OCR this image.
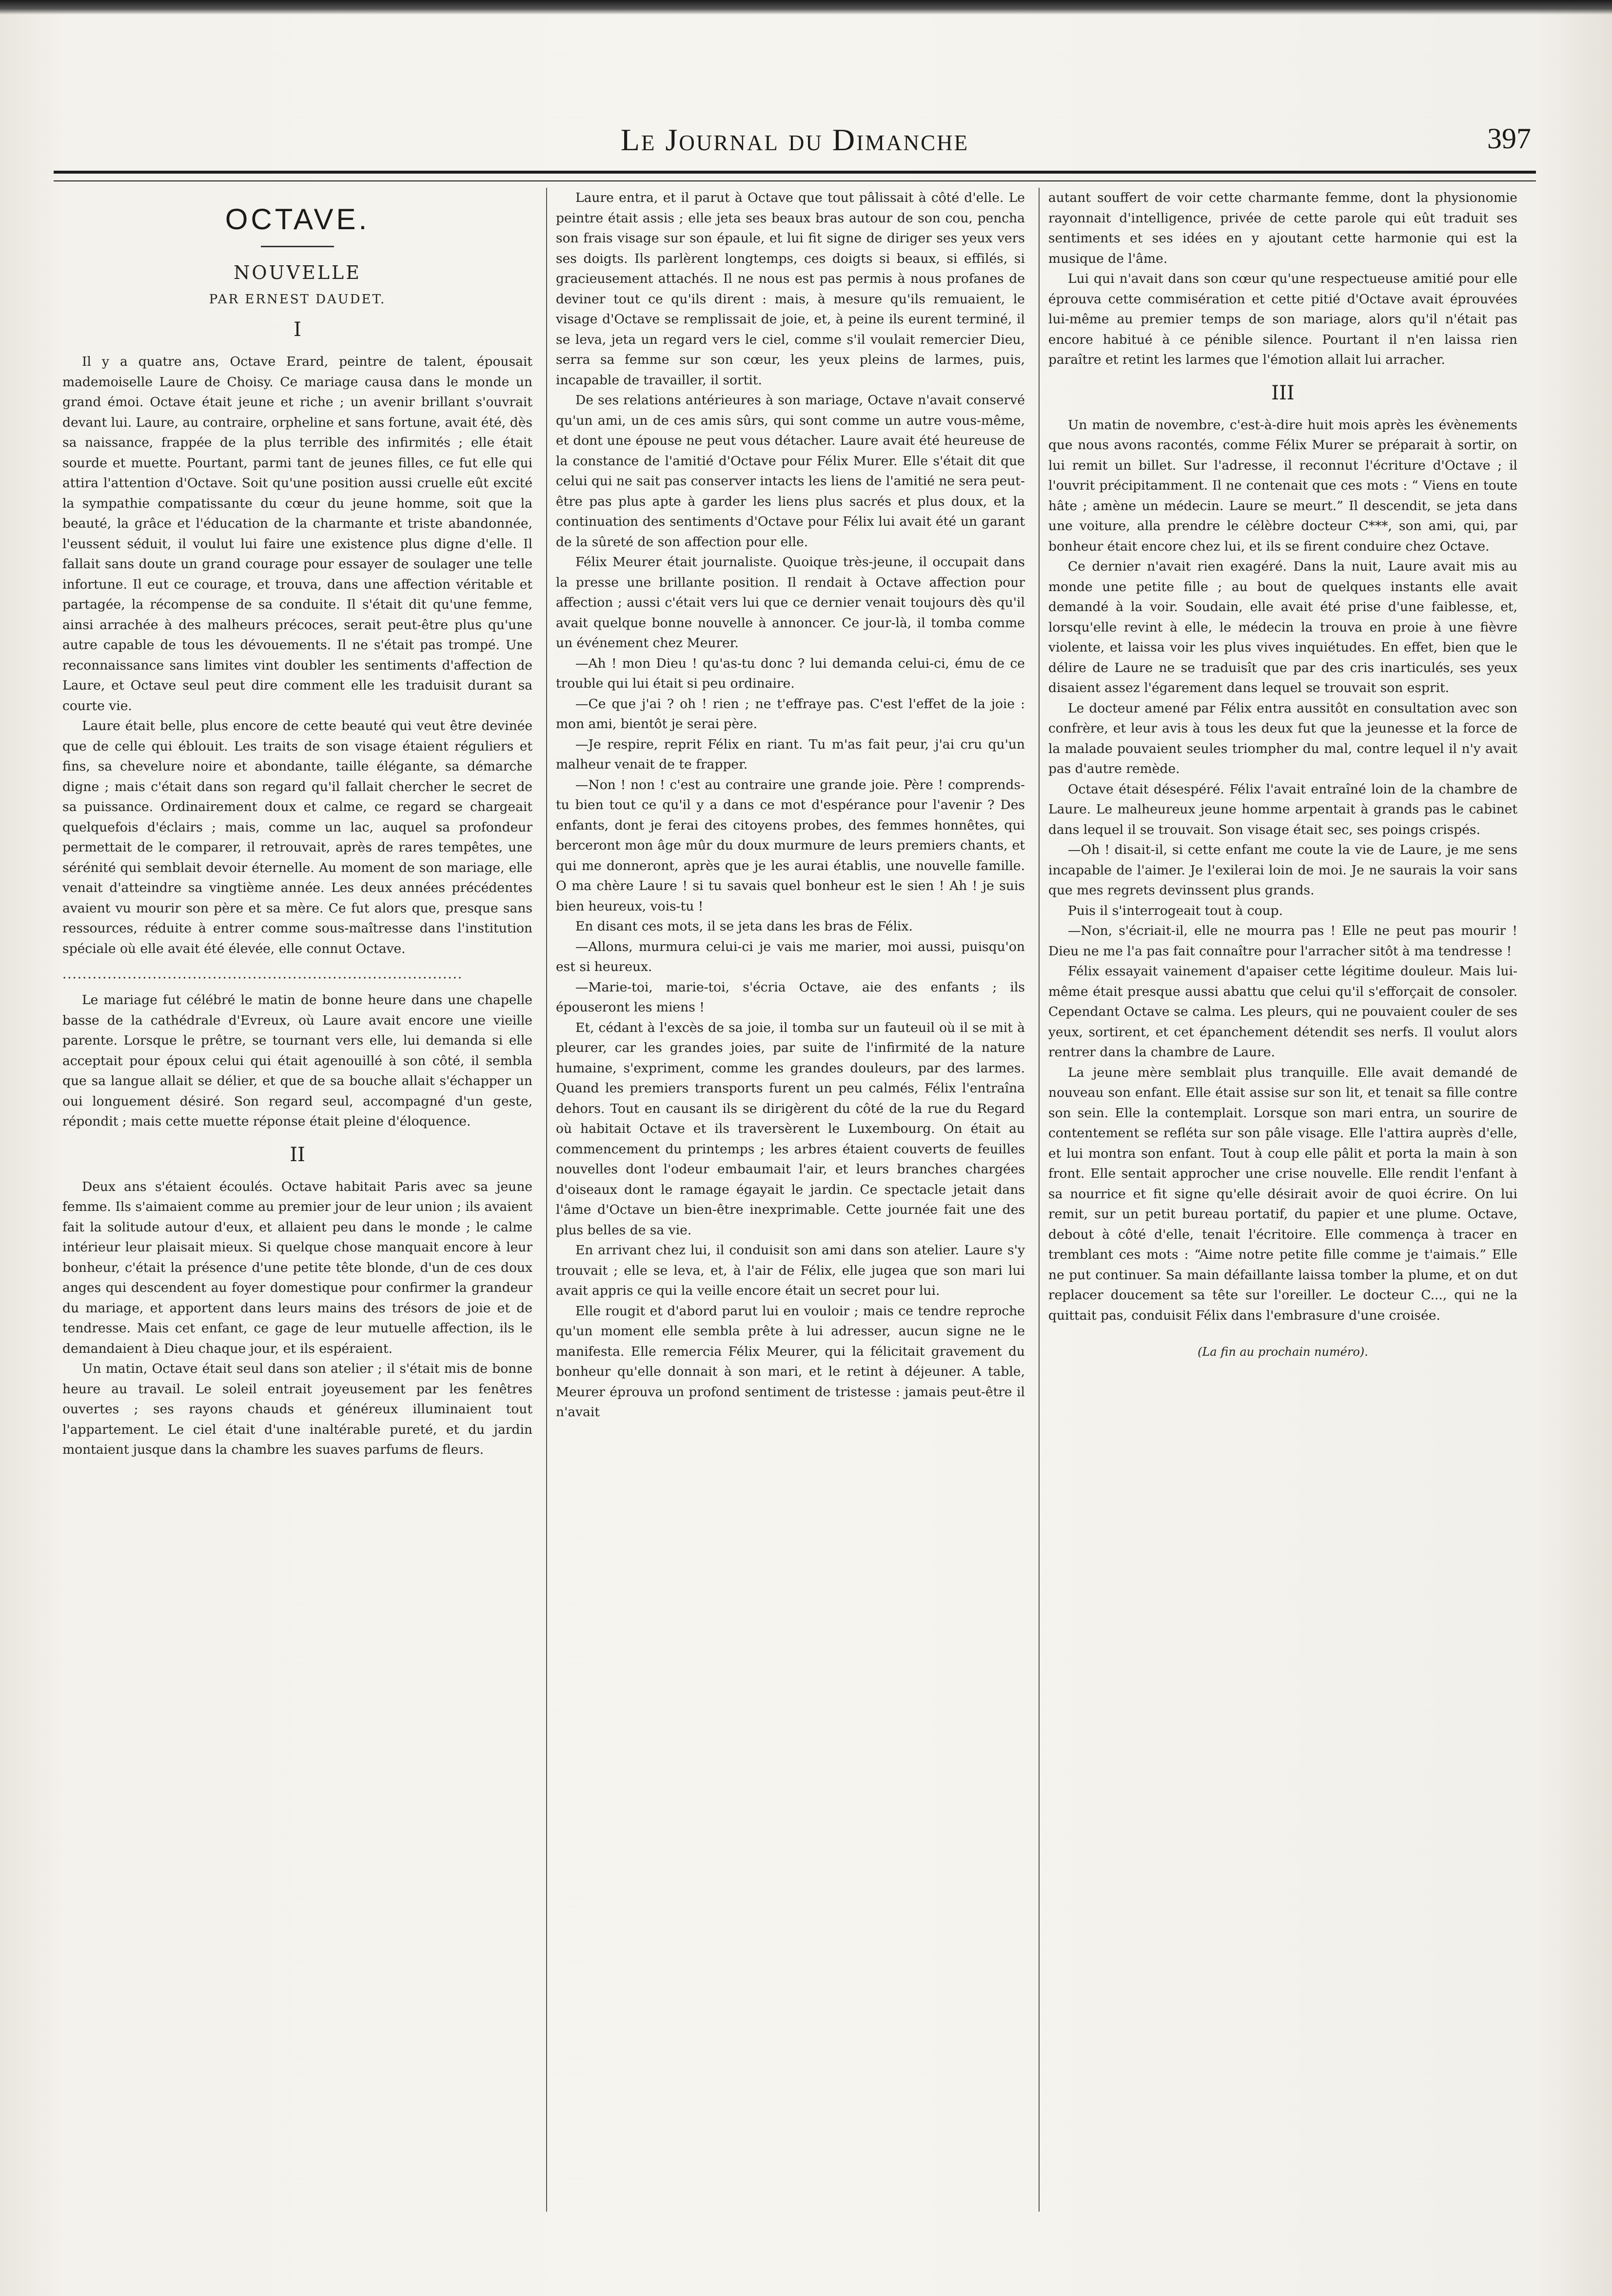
Le Journal du Dimanche	397
OCTAVE.
NOUVELLE
PAR ERNEST DAUDET.
I

Il y a quatre ans, Octave Erard, peintre de talent, épousait mademoiselle Laure de Choisy. Ce mariage causa dans le monde un grand émoi. Octave était jeune et riche ; un avenir brillant s'ouvrait devant lui. Laure, au contraire, orpheline et sans fortune, avait été, dès sa naissance, frappée de la plus terrible des infirmités ; elle était sourde et muette. Pourtant, parmi tant de jeunes filles, ce fut elle qui attira l'attention d'Octave. Soit qu'une position aussi cruelle eût excité la sympathie compatissante du cœur du jeune homme, soit que la beauté, la grâce et l'éducation de la charmante et triste abandonnée, l'eussent séduit, il voulut lui faire une existence plus digne d'elle. Il fallait sans doute un grand courage pour essayer de soulager une telle infortune. Il eut ce courage, et trouva, dans une affection véritable et partagée, la récompense de sa conduite. Il s'était dit qu'une femme, ainsi arrachée à des malheurs précoces, serait peut-être plus qu'une autre capable de tous les dévouements. Il ne s'était pas trompé. Une reconnaissance sans limites vint doubler les sentiments d'affection de Laure, et Octave seul peut dire comment elle les traduisit durant sa courte vie.

Laure était belle, plus encore de cette beauté qui veut être devinée que de celle qui éblouit. Les traits de son visage étaient réguliers et fins, sa chevelure noire et abondante, taille élégante, sa démarche digne ; mais c'était dans son regard qu'il fallait chercher le secret de sa puissance. Ordinairement doux et calme, ce regard se chargeait quelquefois d'éclairs ; mais, comme un lac, auquel sa profondeur permettait de le comparer, il retrouvait, après de rares tempêtes, une sérénité qui semblait devoir éternelle. Au moment de son mariage, elle venait d'atteindre sa vingtième année. Les deux années précédentes avaient vu mourir son père et sa mère. Ce fut alors que, presque sans ressources, réduite à entrer comme sous-maîtresse dans l'institution spéciale où elle avait été élevée, elle connut Octave.

................................................................................

Le mariage fut célébré le matin de bonne heure dans une chapelle basse de la cathédrale d'Evreux, où Laure avait encore une vieille parente. Lorsque le prêtre, se tournant vers elle, lui demanda si elle acceptait pour époux celui qui était agenouillé à son côté, il sembla que sa langue allait se délier, et que de sa bouche allait s'échapper un oui longuement désiré. Son regard seul, accompagné d'un geste, répondit ; mais cette muette réponse était pleine d'éloquence.

II

Deux ans s'étaient écoulés. Octave habitait Paris avec sa jeune femme. Ils s'aimaient comme au premier jour de leur union ; ils avaient fait la solitude autour d'eux, et allaient peu dans le monde ; le calme intérieur leur plaisait mieux. Si quelque chose manquait encore à leur bonheur, c'était la présence d'une petite tête blonde, d'un de ces doux anges qui descendent au foyer domestique pour confirmer la grandeur du mariage, et apportent dans leurs mains des trésors de joie et de tendresse. Mais cet enfant, ce gage de leur mutuelle affection, ils le demandaient à Dieu chaque jour, et ils espéraient.

Un matin, Octave était seul dans son atelier ; il s'était mis de bonne heure au travail. Le soleil entrait joyeusement par les fenêtres ouvertes ; ses rayons chauds et généreux illuminaient tout l'appartement. Le ciel était d'une inaltérable pureté, et du jardin montaient jusque dans la chambre les suaves parfums de fleurs.

Laure entra, et il parut à Octave que tout pâlissait à côté d'elle. Le peintre était assis ; elle jeta ses beaux bras autour de son cou, pencha son frais visage sur son épaule, et lui fit signe de diriger ses yeux vers ses doigts. Ils parlèrent longtemps, ces doigts si beaux, si effilés, si gracieusement attachés. Il ne nous est pas permis à nous profanes de deviner tout ce qu'ils dirent : mais, à mesure qu'ils remuaient, le visage d'Octave se remplissait de joie, et, à peine ils eurent terminé, il se leva, jeta un regard vers le ciel, comme s'il voulait remercier Dieu, serra sa femme sur son cœur, les yeux pleins de larmes, puis, incapable de travailler, il sortit.

De ses relations antérieures à son mariage, Octave n'avait conservé qu'un ami, un de ces amis sûrs, qui sont comme un autre vous-même, et dont une épouse ne peut vous détacher. Laure avait été heureuse de la constance de l'amitié d'Octave pour Félix Murer. Elle s'était dit que celui qui ne sait pas conserver intacts les liens de l'amitié ne sera peut-être pas plus apte à garder les liens plus sacrés et plus doux, et la continuation des sentiments d'Octave pour Félix lui avait été un garant de la sûreté de son affection pour elle.

Félix Meurer était journaliste. Quoique très-jeune, il occupait dans la presse une brillante position. Il rendait à Octave affection pour affection ; aussi c'était vers lui que ce dernier venait toujours dès qu'il avait quelque bonne nouvelle à annoncer. Ce jour-là, il tomba comme un événement chez Meurer.

—Ah ! mon Dieu ! qu'as-tu donc ? lui demanda celui-ci, ému de ce trouble qui lui était si peu ordinaire.

—Ce que j'ai ? oh ! rien ; ne t'effraye pas. C'est l'effet de la joie : mon ami, bientôt je serai père.

—Je respire, reprit Félix en riant. Tu m'as fait peur, j'ai cru qu'un malheur venait de te frapper.

—Non ! non ! c'est au contraire une grande joie. Père ! comprends-tu bien tout ce qu'il y a dans ce mot d'espérance pour l'avenir ? Des enfants, dont je ferai des citoyens probes, des femmes honnêtes, qui berceront mon âge mûr du doux murmure de leurs premiers chants, et qui me donneront, après que je les aurai établis, une nouvelle famille. O ma chère Laure ! si tu savais quel bonheur est le sien ! Ah ! je suis bien heureux, vois-tu !

En disant ces mots, il se jeta dans les bras de Félix.

—Allons, murmura celui-ci je vais me marier, moi aussi, puisqu'on est si heureux.

—Marie-toi, marie-toi, s'écria Octave, aie des enfants ; ils épouseront les miens !

Et, cédant à l'excès de sa joie, il tomba sur un fauteuil où il se mit à pleurer, car les grandes joies, par suite de l'infirmité de la nature humaine, s'expriment, comme les grandes douleurs, par des larmes. Quand les premiers transports furent un peu calmés, Félix l'entraîna dehors. Tout en causant ils se dirigèrent du côté de la rue du Regard où habitait Octave et ils traversèrent le Luxembourg. On était au commencement du printemps ; les arbres étaient couverts de feuilles nouvelles dont l'odeur embaumait l'air, et leurs branches chargées d'oiseaux dont le ramage égayait le jardin. Ce spectacle jetait dans l'âme d'Octave un bien-être inexprimable. Cette journée fait une des plus belles de sa vie.

En arrivant chez lui, il conduisit son ami dans son atelier. Laure s'y trouvait ; elle se leva, et, à l'air de Félix, elle jugea que son mari lui avait appris ce qui la veille encore était un secret pour lui.

Elle rougit et d'abord parut lui en vouloir ; mais ce tendre reproche qu'un moment elle sembla prête à lui adresser, aucun signe ne le manifesta. Elle remercia Félix Meurer, qui la félicitait gravement du bonheur qu'elle donnait à son mari, et le retint à déjeuner. A table, Meurer éprouva un profond sentiment de tristesse : jamais peut-être il n'avait

autant souffert de voir cette charmante femme, dont la physionomie rayonnait d'intelligence, privée de cette parole qui eût traduit ses sentiments et ses idées en y ajoutant cette harmonie qui est la musique de l'âme.

Lui qui n'avait dans son cœur qu'une respectueuse amitié pour elle éprouva cette commisération et cette pitié d'Octave avait éprouvées lui-même au premier temps de son mariage, alors qu'il n'était pas encore habitué à ce pénible silence. Pourtant il n'en laissa rien paraître et retint les larmes que l'émotion allait lui arracher.

III

Un matin de novembre, c'est-à-dire huit mois après les évènements que nous avons racontés, comme Félix Murer se préparait à sortir, on lui remit un billet. Sur l'adresse, il reconnut l'écriture d'Octave ; il l'ouvrit précipitamment. Il ne contenait que ces mots : “ Viens en toute hâte ; amène un médecin. Laure se meurt.” Il descendit, se jeta dans une voiture, alla prendre le célèbre docteur C***, son ami, qui, par bonheur était encore chez lui, et ils se firent conduire chez Octave.

Ce dernier n'avait rien exagéré. Dans la nuit, Laure avait mis au monde une petite fille ; au bout de quelques instants elle avait demandé à la voir. Soudain, elle avait été prise d'une faiblesse, et, lorsqu'elle revint à elle, le médecin la trouva en proie à une fièvre violente, et laissa voir les plus vives inquiétudes. En effet, bien que le délire de Laure ne se traduisît que par des cris inarticulés, ses yeux disaient assez l'égarement dans lequel se trouvait son esprit.

Le docteur amené par Félix entra aussitôt en consultation avec son confrère, et leur avis à tous les deux fut que la jeunesse et la force de la malade pouvaient seules triompher du mal, contre lequel il n'y avait pas d'autre remède.

Octave était désespéré. Félix l'avait entraîné loin de la chambre de Laure. Le malheureux jeune homme arpentait à grands pas le cabinet dans lequel il se trouvait. Son visage était sec, ses poings crispés.

—Oh ! disait-il, si cette enfant me coute la vie de Laure, je me sens incapable de l'aimer. Je l'exilerai loin de moi. Je ne saurais la voir sans que mes regrets devinssent plus grands.

Puis il s'interrogeait tout à coup.

—Non, s'écriait-il, elle ne mourra pas ! Elle ne peut pas mourir ! Dieu ne me l'a pas fait connaître pour l'arracher sitôt à ma tendresse !

Félix essayait vainement d'apaiser cette légitime douleur. Mais lui-même était presque aussi abattu que celui qu'il s'efforçait de consoler. Cependant Octave se calma. Les pleurs, qui ne pouvaient couler de ses yeux, sortirent, et cet épanchement détendit ses nerfs. Il voulut alors rentrer dans la chambre de Laure.

La jeune mère semblait plus tranquille. Elle avait demandé de nouveau son enfant. Elle était assise sur son lit, et tenait sa fille contre son sein. Elle la contemplait. Lorsque son mari entra, un sourire de contentement se refléta sur son pâle visage. Elle l'attira auprès d'elle, et lui montra son enfant. Tout à coup elle pâlit et porta la main à son front. Elle sentait approcher une crise nouvelle. Elle rendit l'enfant à sa nourrice et fit signe qu'elle désirait avoir de quoi écrire. On lui remit, sur un petit bureau portatif, du papier et une plume. Octave, debout à côté d'elle, tenait l'écritoire. Elle commença à tracer en tremblant ces mots : “Aime notre petite fille comme je t'aimais.” Elle ne put continuer. Sa main défaillante laissa tomber la plume, et on dut replacer doucement sa tête sur l'oreiller. Le docteur C..., qui ne la quittait pas, conduisit Félix dans l'embrasure d'une croisée.

(La fin au prochain numéro).
